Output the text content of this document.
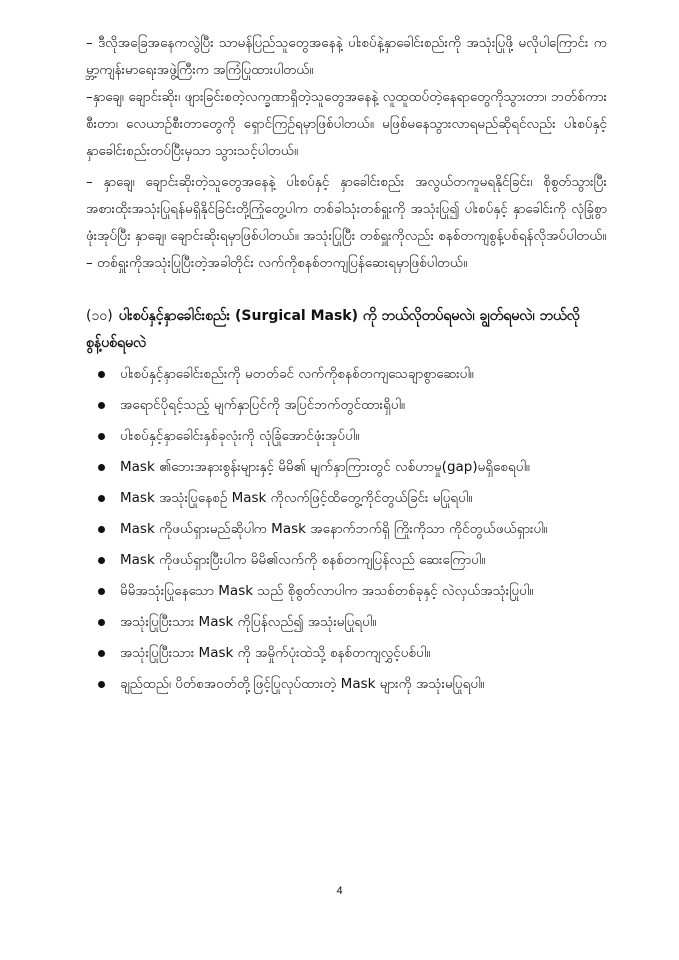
– ဒီလိုအခြေအနေကလွဲပြီး သာမန်ပြည်သူတွေအနေနဲ့ ပါးစပ်နဲ့နှာခေါင်းစည်းကို အသုံးပြုဖို့ မလိုပါကြောင်း ကမ္ဘာ့ကျန်းမာရေးအဖွဲ့ကြီးက အကြံပြုထားပါတယ်။

–နှာချေ၊ ချောင်းဆိုး၊ ဖျားခြင်းစတဲ့လက္ခဏာရှိတဲ့သူတွေအနေနဲ့ လူထူထပ်တဲ့နေရာတွေကိုသွားတာ၊ ဘတ်စ်ကားစီးတာ၊ လေယာဉ်စီးတာတွေကို ရှောင်ကြဉ်ရမှာဖြစ်ပါတယ်။ မဖြစ်မနေသွားလာရမည်ဆိုရင်လည်း ပါးစပ်နှင့် နှာခေါင်းစည်းတပ်ပြီးမှသာ သွားသင့်ပါတယ်။

– နှာချေ၊ ချောင်းဆိုးတဲ့သူတွေအနေနဲ့ ပါးစပ်နှင့် နှာခေါင်းစည်း အလွယ်တကူမရနိုင်ခြင်း၊ စိုစွတ်သွားပြီး အစားထိုးအသုံးပြုရန်မရှိနိုင်ခြင်းတို့ကြုံတွေ့ပါက တစ်ခါသုံးတစ်ရှူးကို အသုံးပြု၍ ပါးစပ်နှင့် နှာခေါင်းကို လုံခြုံစွာဖုံးအုပ်ပြီး နှာချေ၊ ချောင်းဆိုးရမှာဖြစ်ပါတယ်။ အသုံးပြုပြီး တစ်ရှူးကိုလည်း စနစ်တကျစွန့်ပစ်ရန်လိုအပ်ပါတယ်။

– တစ်ရှူးကိုအသုံးပြုပြီးတဲ့အခါတိုင်း လက်ကိုစနစ်တကျပြန်ဆေးရမှာဖြစ်ပါတယ်။

(၁၀) ပါးစပ်နှင့်နှာခေါင်းစည်း (Surgical Mask) ကို ဘယ်လိုတပ်ရမလဲ၊ ချွတ်ရမလဲ၊ ဘယ်လိုစွန့်ပစ်ရမလဲ

ပါးစပ်နှင့်နှာခေါင်းစည်းကို မတတ်ခင် လက်ကိုစနစ်တကျသေချာစွာဆေးပါ။
အရောင်ပိုရင့်သည့် မျက်နှာပြင်ကို အပြင်ဘက်တွင်ထားရှိပါ။
ပါးစပ်နှင့်နှာခေါင်းနှစ်ခုလုံးကို လုံခြုံအောင်ဖုံးအုပ်ပါ။
Mask ၏ဘေးအနားစွန်းများနှင့် မိမိ၏ မျက်နှာကြားတွင် လစ်ဟာမှု(gap)မရှိစေရပါ။
Mask အသုံးပြုနေစဉ် Mask ကိုလက်ဖြင့်ထိတွေ့ကိုင်တွယ်ခြင်း မပြုရပါ။
Mask ကိုဖယ်ရှားမည်ဆိုပါက Mask အနောက်ဘက်ရှိ ကြိုးကိုသာ ကိုင်တွယ်ဖယ်ရှားပါ။
Mask ကိုဖယ်ရှားပြီးပါက မိမိ၏လက်ကို စနစ်တကျပြန်လည် ဆေးကြောပါ။
မိမိအသုံးပြုနေသော Mask သည် စိုစွတ်လာပါက အသစ်တစ်ခုနှင့် လဲလှယ်အသုံးပြုပါ။
အသုံးပြုပြီးသား Mask ကိုပြန်လည်၍ အသုံးမပြုရပါ။
အသုံးပြုပြီးသား Mask ကို အမှိုက်ပုံးထဲသို့ စနစ်တကျလွှင့်ပစ်ပါ။
ချည်ထည်၊ ပိတ်စအဝတ်တို့ဖြင့်ပြုလုပ်ထားတဲ့ Mask များကို အသုံးမပြုရပါ။
4
